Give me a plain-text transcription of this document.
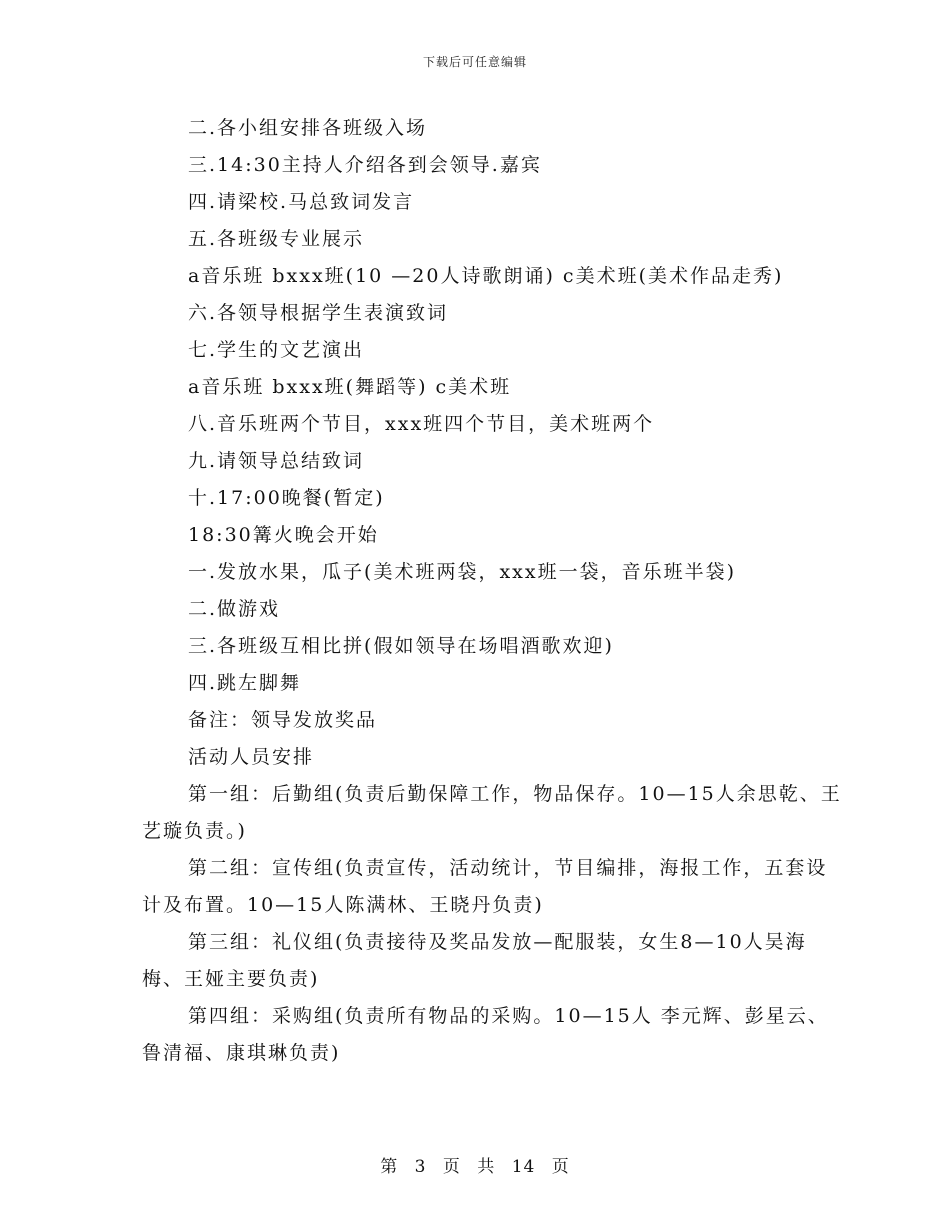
下载后可任意编辑
二.各小组安排各班级入场
三.14:30主持人介绍各到会领导.嘉宾
四.请梁校.马总致词发言
五.各班级专业展示
a音乐班 bxxx班(10 —20人诗歌朗诵) c美术班(美术作品走秀)
六.各领导根据学生表演致词
七.学生的文艺演出
a音乐班 bxxx班(舞蹈等) c美术班
八.音乐班两个节目，xxx班四个节目，美术班两个
九.请领导总结致词
十.17:00晚餐(暂定)
18:30篝火晚会开始
一.发放水果，瓜子(美术班两袋，xxx班一袋，音乐班半袋)
二.做游戏
三.各班级互相比拼(假如领导在场唱酒歌欢迎)
四.跳左脚舞
备注：领导发放奖品
活动人员安排
第一组：后勤组(负责后勤保障工作，物品保存。10—15人余思乾、王艺璇负责。)
第二组：宣传组(负责宣传，活动统计，节目编排，海报工作，五套设计及布置。10—15人陈满林、王晓丹负责)
第三组：礼仪组(负责接待及奖品发放—配服装，女生8—10人吴海梅、王娅主要负责)
第四组：采购组(负责所有物品的采购。10—15人 李元辉、彭星云、鲁清福、康琪琳负责)
第 3 页 共 14 页
